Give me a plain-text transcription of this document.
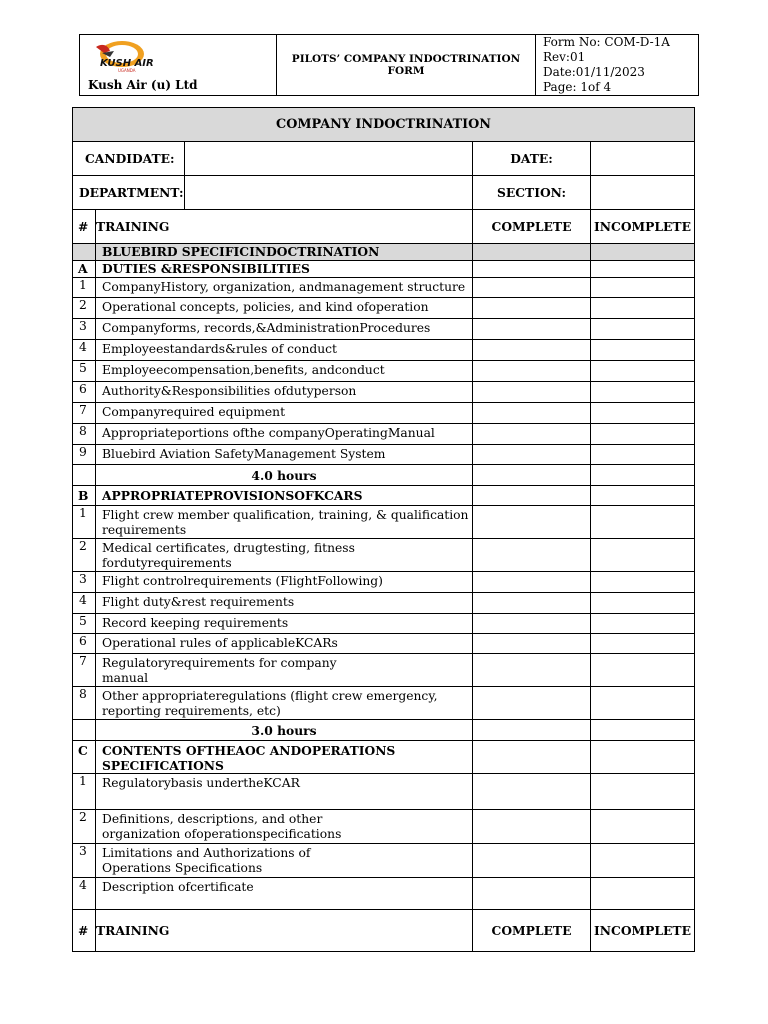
KUSH AIR
UGANDA
Kush Air (u) Ltd

PILOTS’ COMPANY INDOCTRINATION
FORM

Form No: COM-D-1A
Rev:01
Date:01/11/2023
Page: 1of 4
COMPANY INDOCTRINATION				
CANDIDATE:			DATE:	
DEPARTMENT:			SECTION:	
#	TRAINING		COMPLETE	INCOMPLETE
	BLUEBIRD SPECIFICINDOCTRINATION			
A	DUTIES &RESPONSIBILITIES			
1	CompanyHistory, organization, andmanagement structure			
2	Operational concepts, policies, and kind ofoperation			
3	Companyforms, records,&AdministrationProcedures			
4	Employeestandards&rules of conduct			
5	Employeecompensation,benefits, andconduct			
6	Authority&Responsibilities ofdutyperson			
7	Companyrequired equipment			
8	Appropriateportions ofthe companyOperatingManual			
9	Bluebird Aviation SafetyManagement System			
	4.0 hours			
B	APPROPRIATEPROVISIONSOFKCARS			
1	Flight crew member qualification, training, & qualification
requirements			

2	Medical certificates, drugtesting, fitness
fordutyrequirements			

3	Flight controlrequirements (FlightFollowing)			

4	Flight duty&rest requirements			

5	Record keeping requirements			

6	Operational rules of applicableKCARs			

7	Regulatoryrequirements for company
manual			

8	Other appropriateregulations (flight crew emergency,
reporting requirements, etc)			

	3.0 hours			
C	CONTENTS OFTHEAOC ANDOPERATIONS
SPECIFICATIONS			

1	Regulatorybasis undertheKCAR			

2	Definitions, descriptions, and other
organization ofoperationspecifications			

3	Limitations and Authorizations of
Operations Specifications			

4	Description ofcertificate			

#	TRAINING		COMPLETE	INCOMPLETE
